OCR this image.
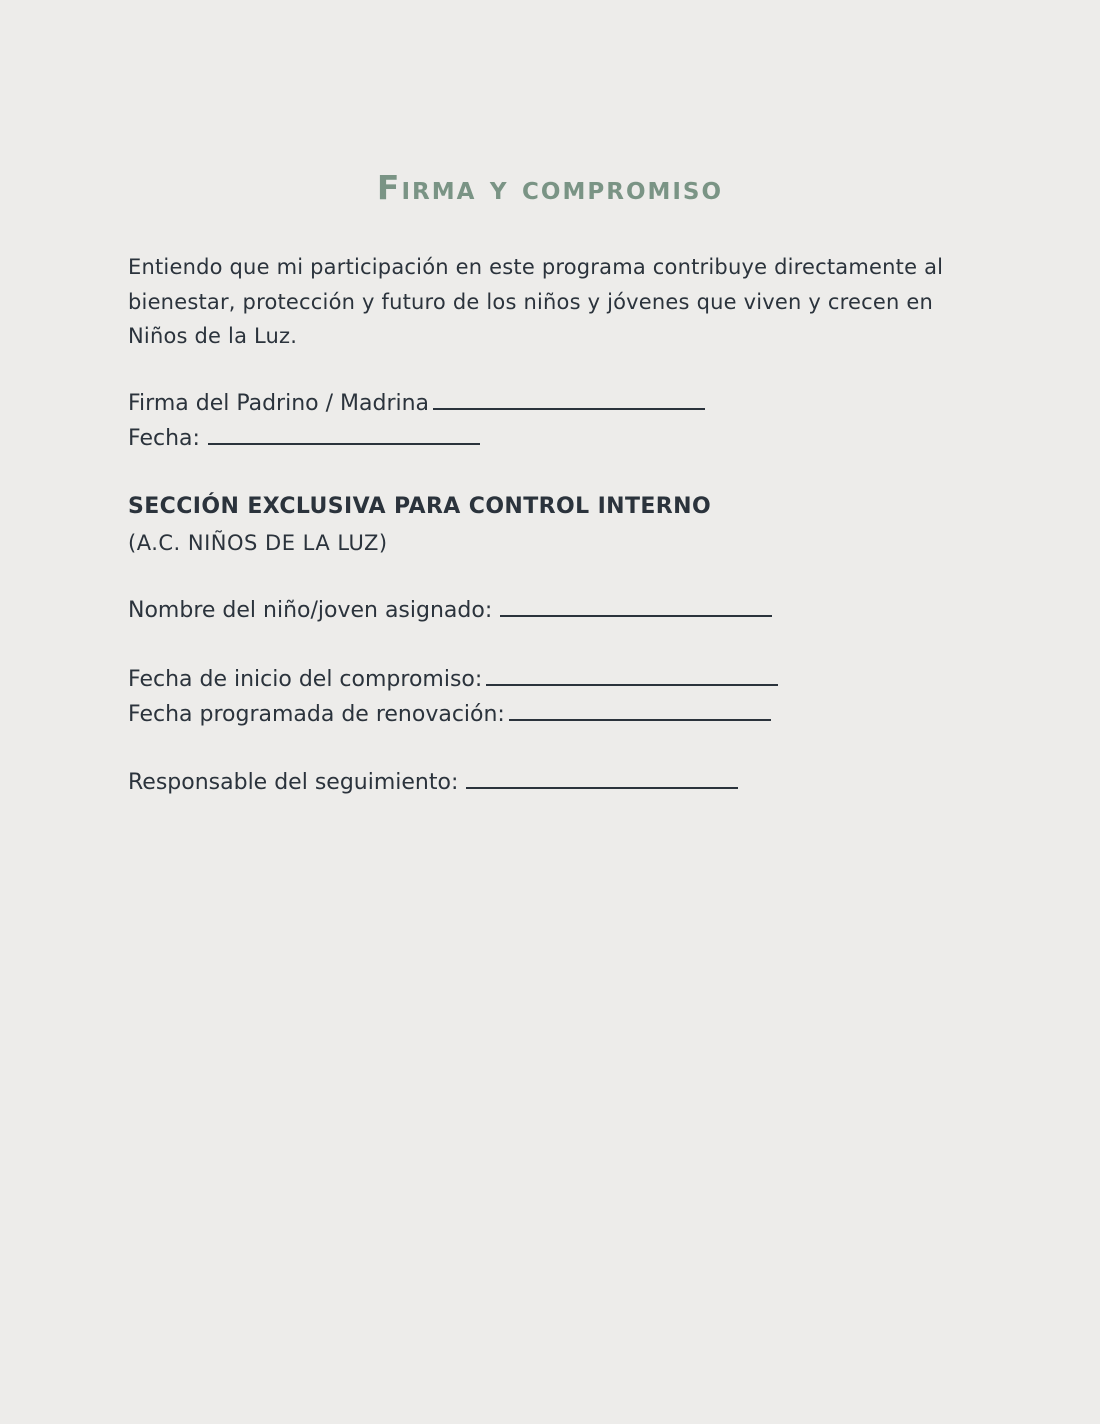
Firma y compromiso

Entiendo que mi participación en este programa contribuye directamente al bienestar, protección y futuro de los niños y jóvenes que viven y crecen en Niños de la Luz.

Firma del Padrino / Madrina
Fecha:
SECCIÓN EXCLUSIVA PARA CONTROL INTERNO

(A.C. NIÑOS DE LA LUZ)

Nombre del niño/joven asignado:
Fecha de inicio del compromiso:
Fecha programada de renovación:
Responsable del seguimiento:
